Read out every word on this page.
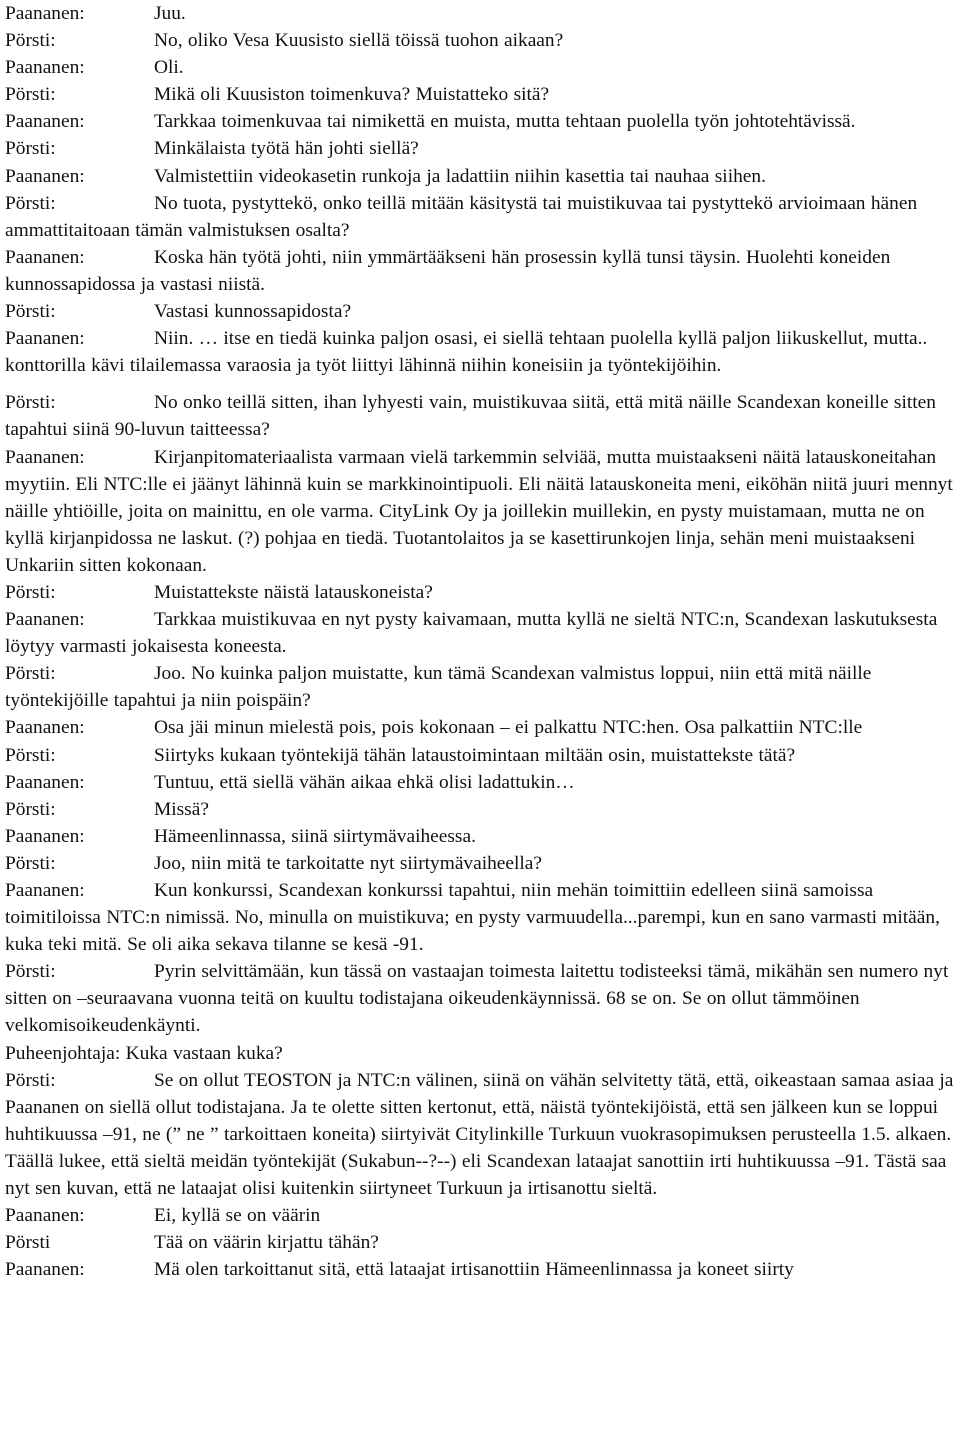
Paananen:	Juu.

Pörsti:	No, oliko Vesa Kuusisto siellä töissä tuohon aikaan?

Paananen:	Oli.

Pörsti:	Mikä oli Kuusiston toimenkuva? Muistatteko sitä?

Paananen:	Tarkkaa toimenkuvaa tai nimikettä en muista, mutta tehtaan puolella työn johtotehtävissä.

Pörsti:	Minkälaista työtä hän johti siellä?

Paananen:	Valmistettiin videokasetin runkoja ja ladattiin niihin kasettia tai nauhaa siihen.

Pörsti:	No tuota, pystyttekö, onko teillä mitään käsitystä tai muistikuvaa tai pystyttekö arvioimaan hänen ammattitaitoaan tämän valmistuksen osalta?

Paananen:	Koska hän työtä johti, niin ymmärtääkseni hän prosessin kyllä tunsi täysin. Huolehti koneiden kunnossapidossa ja vastasi niistä.

Pörsti:	Vastasi kunnossapidosta?

Paananen:	Niin. … itse en tiedä kuinka paljon osasi, ei siellä tehtaan puolella kyllä paljon liikuskellut, mutta.. konttorilla kävi tilailemassa varaosia ja työt liittyi lähinnä niihin koneisiin ja työntekijöihin.

Pörsti:	No onko teillä sitten, ihan lyhyesti vain, muistikuvaa siitä, että mitä näille Scandexan koneille sitten tapahtui siinä 90-luvun taitteessa?

Paananen:	Kirjanpitomateriaalista varmaan vielä tarkemmin selviää, mutta muistaakseni näitä latauskoneitahan myytiin. Eli NTC:lle ei jäänyt lähinnä kuin se markkinointipuoli. Eli näitä latauskoneita meni, eiköhän niitä juuri mennyt näille yhtiöille, joita on mainittu, en ole varma. CityLink Oy ja joillekin muillekin, en pysty muistamaan, mutta ne on kyllä kirjanpidossa ne laskut. (?) pohjaa en tiedä. Tuotantolaitos ja se kasettirunkojen linja, sehän meni muistaakseni Unkariin sitten kokonaan.

Pörsti:	Muistattekste näistä latauskoneista?

Paananen:	Tarkkaa muistikuvaa en nyt pysty kaivamaan, mutta kyllä ne sieltä NTC:n, Scandexan laskutuksesta löytyy varmasti jokaisesta koneesta.

Pörsti:	Joo. No kuinka paljon muistatte, kun tämä Scandexan valmistus loppui, niin että mitä näille työntekijöille tapahtui ja niin poispäin?

Paananen:	Osa jäi minun mielestä pois, pois kokonaan – ei palkattu NTC:hen. Osa palkattiin NTC:lle

Pörsti:	Siirtyks kukaan työntekijä tähän lataustoimintaan miltään osin, muistattekste tätä?

Paananen:	Tuntuu, että siellä vähän aikaa ehkä olisi ladattukin…

Pörsti:	Missä?

Paananen:	Hämeenlinnassa, siinä siirtymävaiheessa.

Pörsti:	Joo, niin mitä te tarkoitatte nyt siirtymävaiheella?

Paananen:	Kun konkurssi, Scandexan konkurssi tapahtui, niin mehän toimittiin edelleen siinä samoissa toimitiloissa NTC:n nimissä. No, minulla on muistikuva; en pysty varmuudella...parempi, kun en sano varmasti mitään, kuka teki mitä. Se oli aika sekava tilanne se kesä -91.

Pörsti:	Pyrin selvittämään, kun tässä on vastaajan toimesta laitettu todisteeksi tämä, mikähän sen numero nyt sitten on –seuraavana vuonna teitä on kuultu todistajana oikeudenkäynnissä. 68 se on. Se on ollut tämmöinen velkomisoikeudenkäynti.

Puheenjohtaja: Kuka vastaan kuka?

Pörsti:	Se on ollut TEOSTON ja NTC:n välinen, siinä on vähän selvitetty tätä, että, oikeastaan samaa asiaa ja Paananen on siellä ollut todistajana. Ja te olette sitten kertonut, että, näistä työntekijöistä, että sen jälkeen kun se loppui huhtikuussa –91, ne (” ne ” tarkoittaen koneita) siirtyivät Citylinkille Turkuun vuokrasopimuksen perusteella 1.5. alkaen. Täällä lukee, että sieltä meidän työntekijät (Sukabun--?--) eli Scandexan lataajat sanottiin irti huhtikuussa –91. Tästä saa nyt sen kuvan, että ne lataajat olisi kuitenkin siirtyneet Turkuun ja irtisanottu sieltä.

Paananen:	Ei, kyllä se on väärin

Pörsti	Tää on väärin kirjattu tähän?

Paananen:	Mä olen tarkoittanut sitä, että lataajat irtisanottiin Hämeenlinnassa ja koneet siirty
